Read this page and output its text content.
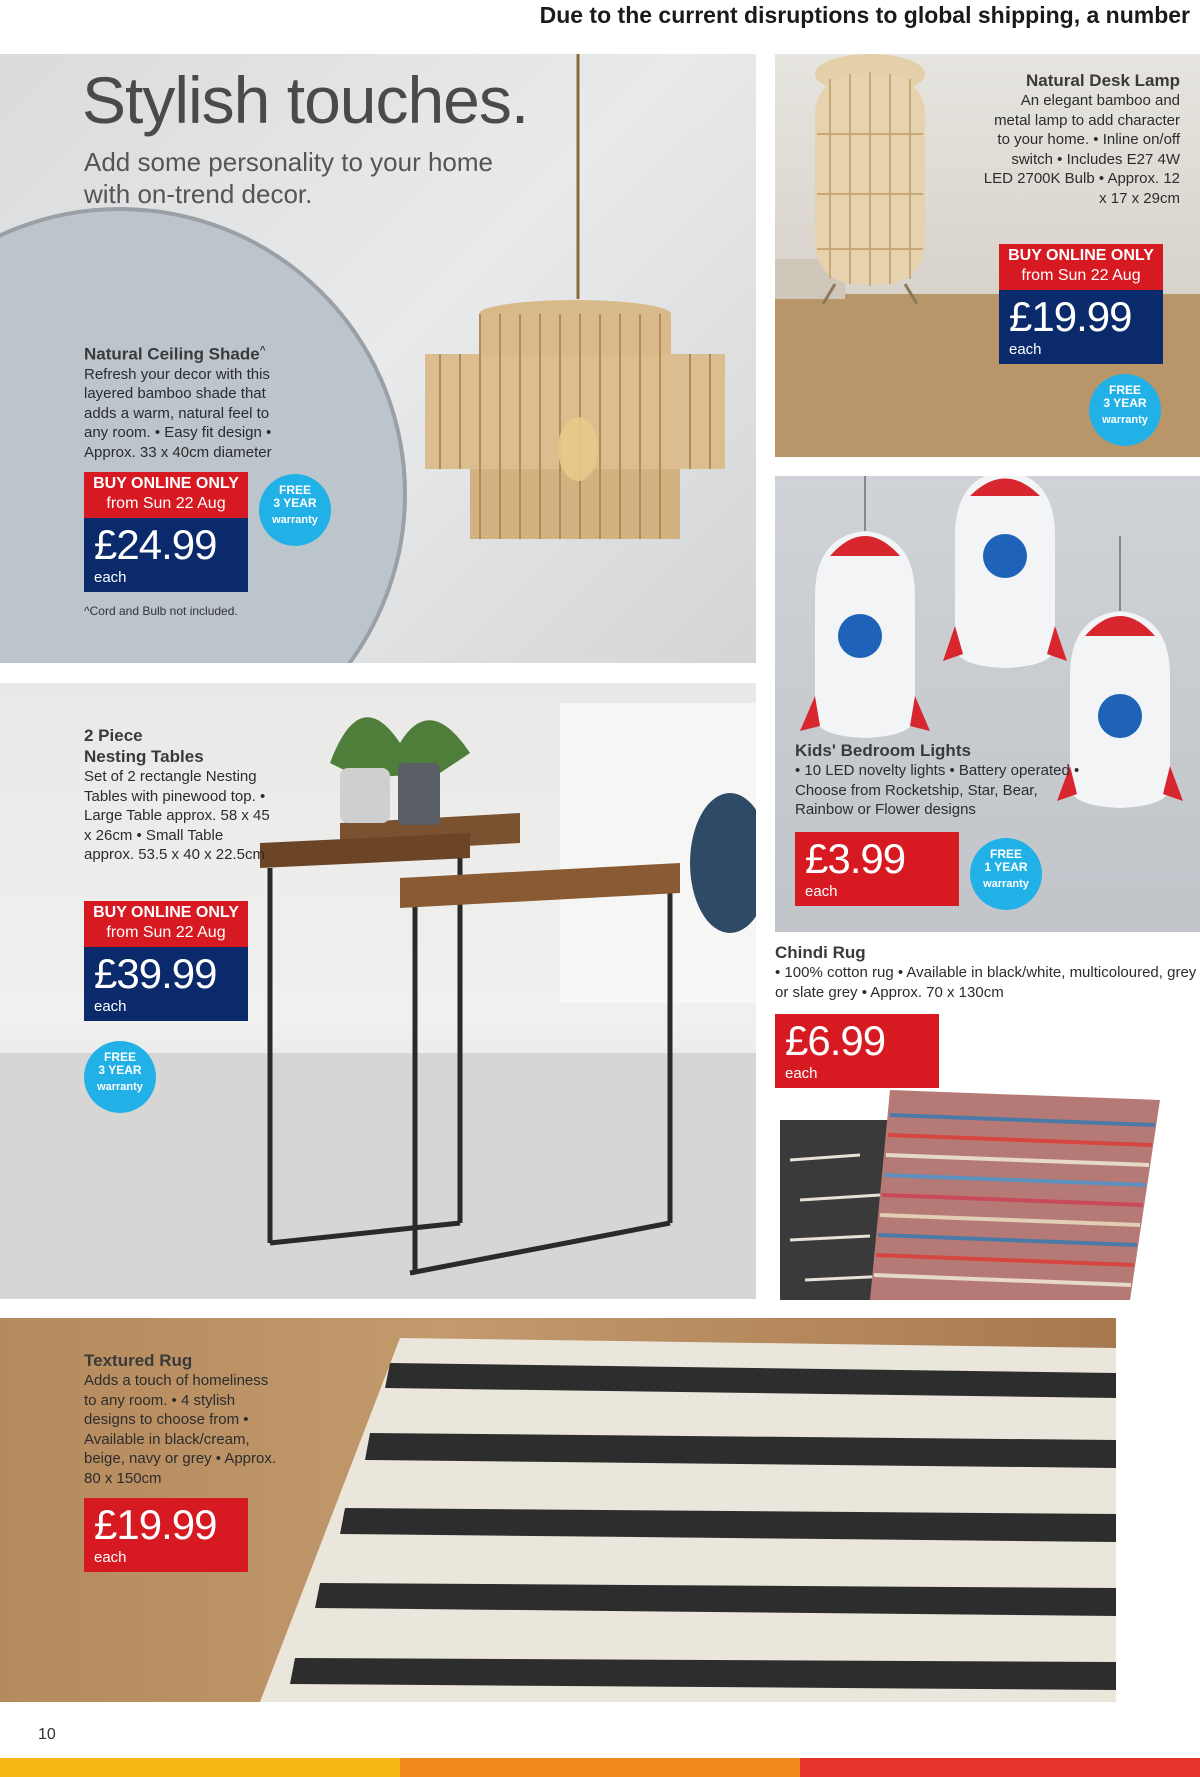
Due to the current disruptions to global shipping, a number
Stylish touches.
Add some personality to your home with on-trend decor.
Natural Ceiling Shade^
Refresh your decor with this layered bamboo shade that adds a warm, natural feel to any room. • Easy fit design • Approx. 33 x 40cm diameter
BUY ONLINE ONLY
from Sun 22 Aug
£24.99
each
FREE
3 YEAR
warranty
^Cord and Bulb not included.
Natural Desk Lamp
An elegant bamboo and metal lamp to add character to your home. • Inline on/off switch • Includes E27 4W LED 2700K Bulb • Approx. 12 x 17 x 29cm
BUY ONLINE ONLY
from Sun 22 Aug
£19.99
each
FREE
3 YEAR
warranty
Kids' Bedroom Lights
• 10 LED novelty lights • Battery operated • Choose from Rocketship, Star, Bear, Rainbow or Flower designs
£3.99
each
FREE
1 YEAR
warranty
2 Piece
Nesting Tables
Set of 2 rectangle Nesting Tables with pinewood top. • Large Table approx. 58 x 45 x 26cm • Small Table approx. 53.5 x 40 x 22.5cm
BUY ONLINE ONLY
from Sun 22 Aug
£39.99
each
FREE
3 YEAR
warranty
Chindi Rug
• 100% cotton rug • Available in black/white, multicoloured, grey or slate grey • Approx. 70 x 130cm
£6.99
each
Textured Rug
Adds a touch of homeliness to any room. • 4 stylish designs to choose from • Available in black/cream, beige, navy or grey • Approx. 80 x 150cm
£19.99
each
10
